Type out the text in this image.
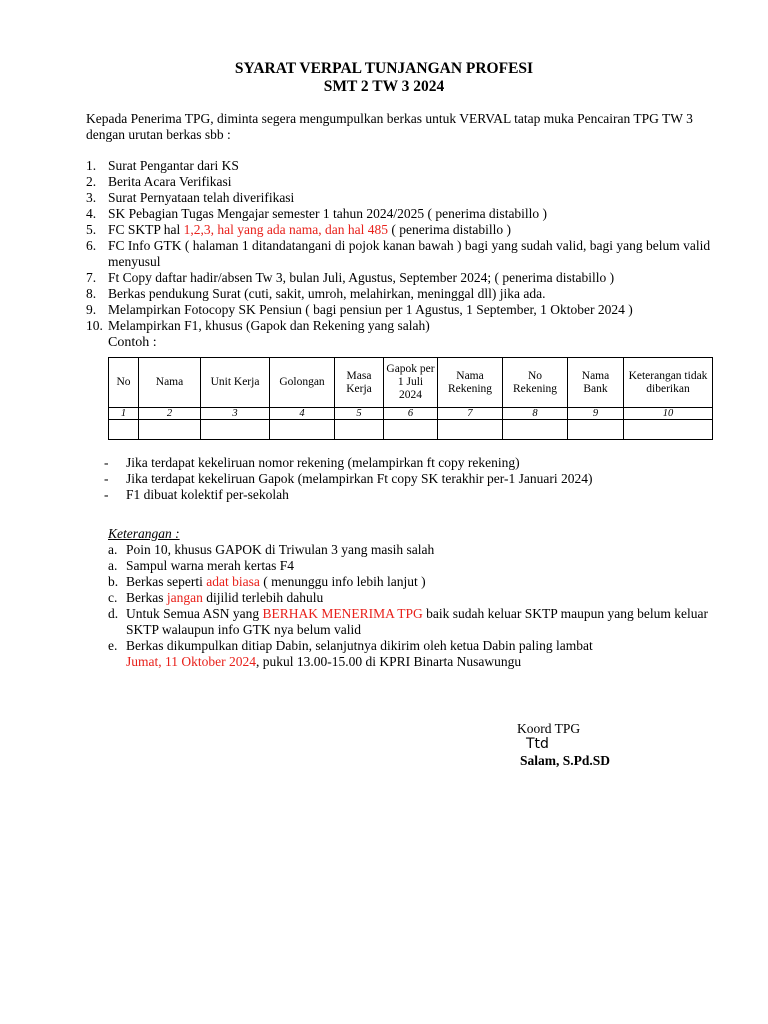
SYARAT VERPAL TUNJANGAN PROFESI
SMT 2 TW 3 2024
Kepada Penerima TPG, diminta segera mengumpulkan berkas untuk VERVAL tatap muka Pencairan TPG TW 3 dengan urutan berkas sbb :
1. Surat Pengantar dari KS
2. Berita Acara Verifikasi
3. Surat Pernyataan telah diverifikasi
4. SK Pebagian Tugas Mengajar semester 1 tahun 2024/2025 ( penerima distabillo )
5. FC SKTP hal 1,2,3, hal yang ada nama, dan hal 485 ( penerima distabillo )
6. FC Info GTK ( halaman 1 ditandatangani di pojok kanan bawah ) bagi yang sudah valid, bagi yang belum valid menyusul
7. Ft Copy daftar hadir/absen Tw 3, bulan Juli, Agustus, September 2024; ( penerima distabillo )
8. Berkas pendukung Surat (cuti, sakit, umroh, melahirkan, meninggal dll) jika ada.
9. Melampirkan Fotocopy SK Pensiun ( bagi pensiun per 1 Agustus, 1 September, 1 Oktober 2024 )
10. Melampirkan F1, khusus (Gapok dan Rekening yang salah)
Contoh :
No	Nama	Unit Kerja	Golongan	Masa Kerja	Gapok per 1 Juli 2024	Nama Rekening	No Rekening	Nama Bank	Keterangan tidak diberikan
1	2	3	4	5	6	7	8	9	10

- Jika terdapat kekeliruan nomor rekening (melampirkan ft copy rekening)
- Jika terdapat kekeliruan Gapok (melampirkan Ft copy SK terakhir per-1 Januari 2024)
- F1 dibuat kolektif per-sekolah
Keterangan :
a. Poin 10, khusus GAPOK di Triwulan 3 yang masih salah
a. Sampul warna merah kertas F4
b. Berkas seperti adat biasa ( menunggu info lebih lanjut )
c. Berkas jangan dijilid terlebih dahulu
d. Untuk Semua ASN yang BERHAK MENERIMA TPG baik sudah keluar SKTP maupun yang belum keluar SKTP walaupun info GTK nya belum valid
e. Berkas dikumpulkan ditiap Dabin, selanjutnya dikirim oleh ketua Dabin paling lambat
Jumat, 11 Oktober 2024, pukul 13.00-15.00 di KPRI Binarta Nusawungu
Koord TPG
Ttd
Salam, S.Pd.SD
